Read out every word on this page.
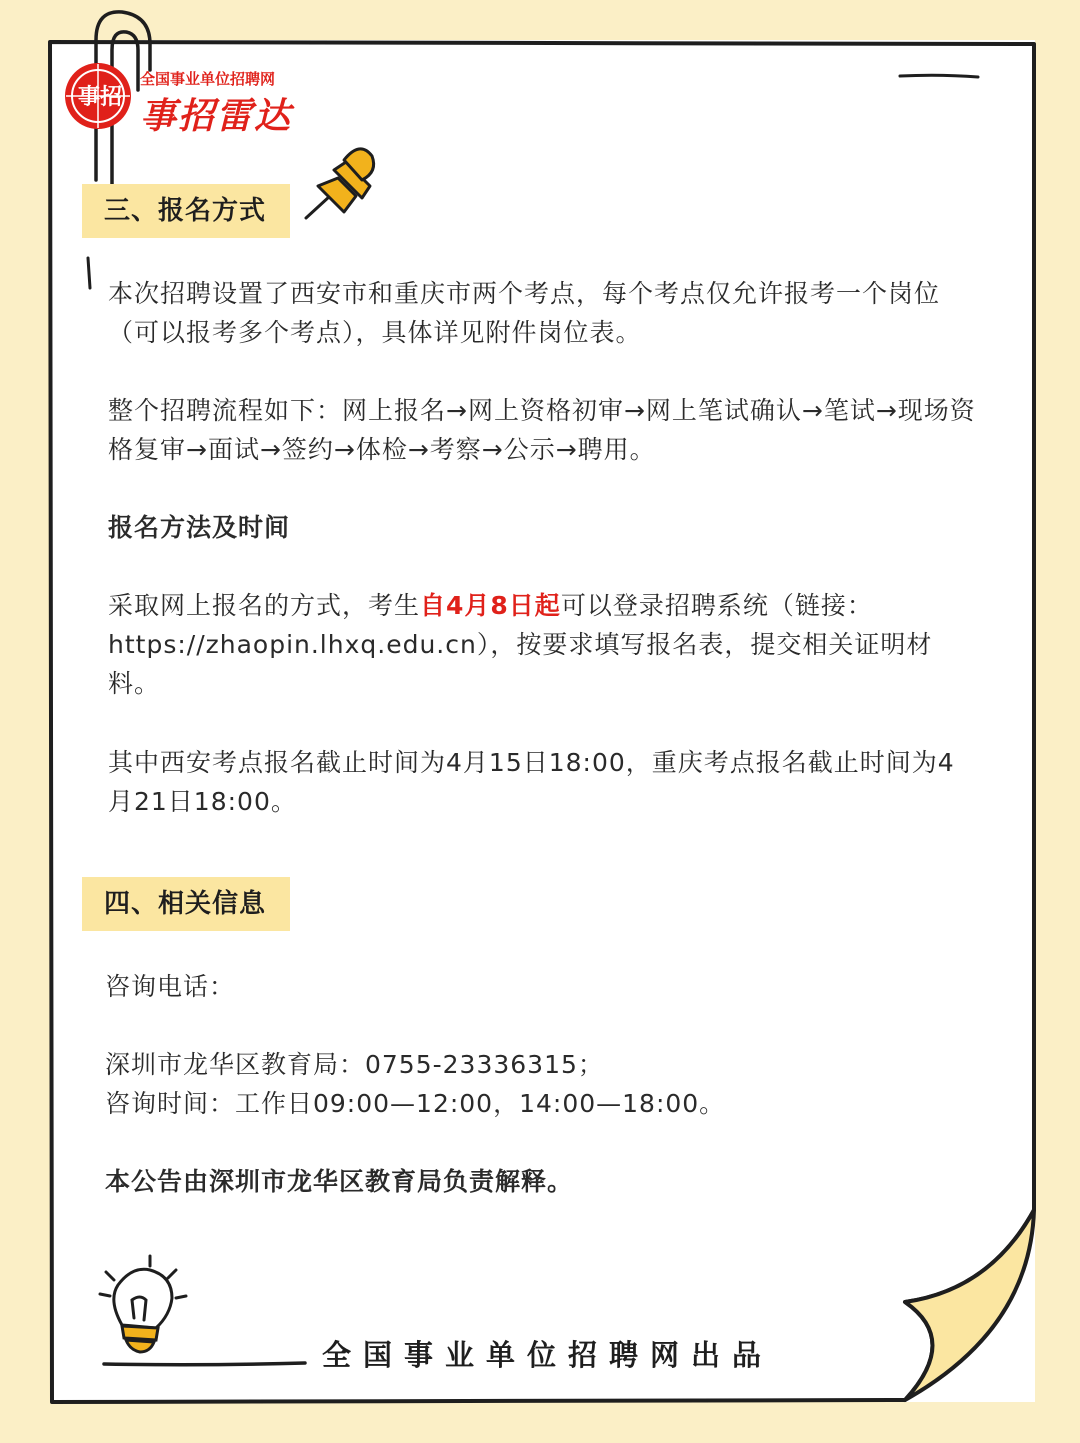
事招
全国事业单位招聘网
事招雷达
三、报名方式

本次招聘设置了西安市和重庆市两个考点，每个考点仅允许报考一个岗位（可以报考多个考点），具体详见附件岗位表。

整个招聘流程如下：网上报名→网上资格初审→网上笔试确认→笔试→现场资格复审→面试→签约→体检→考察→公示→聘用。

报名方法及时间

采取网上报名的方式，考生自4月8日起可以登录招聘系统（链接：https://zhaopin.lhxq.edu.cn），按要求填写报名表，提交相关证明材料。

其中西安考点报名截止时间为4月15日18:00，重庆考点报名截止时间为4月21日18:00。

四、相关信息

咨询电话：

深圳市龙华区教育局：0755-23336315；

咨询时间：工作日09:00—12:00，14:00—18:00。

本公告由深圳市龙华区教育局负责解释。

全国事业单位招聘网出品
